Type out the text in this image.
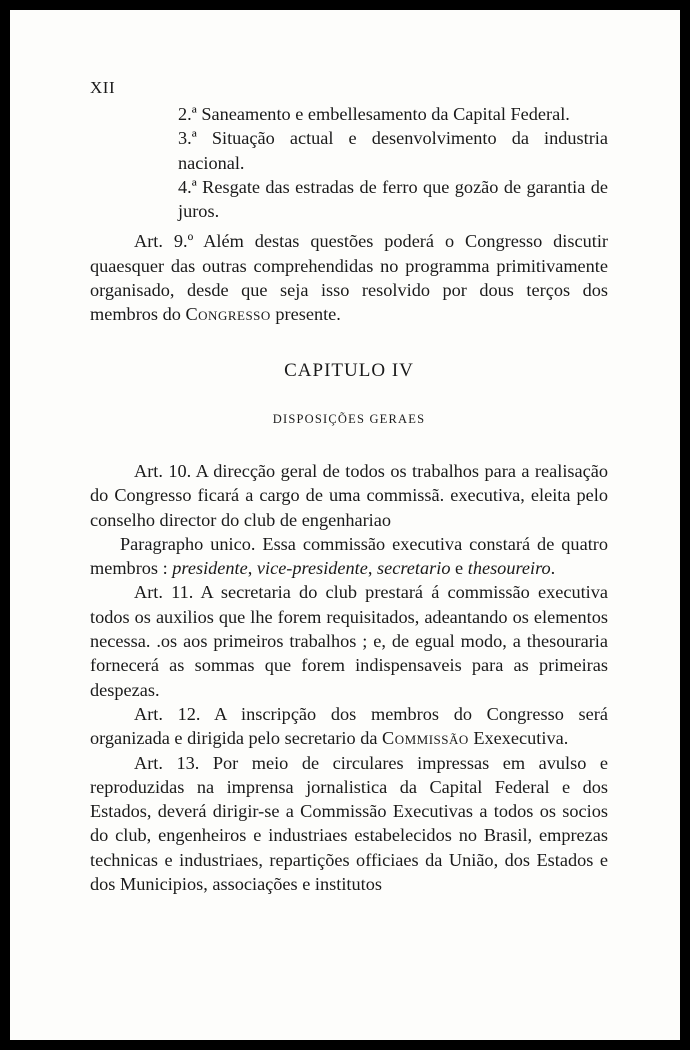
XII

2.ª Saneamento e embellesamento da Capital Federal.

3.ª Situação actual e desenvolvimento da industria nacional.

4.ª Resgate das estradas de ferro que gozão de garantia de juros.

Art. 9.º Além destas questões poderá o Congresso discutir quaesquer das outras comprehendidas no programma primitivamente organisado, desde que seja isso resolvido por dous terços dos membros do Congresso presente.

CAPITULO IV
DISPOSIÇÕES GERAES

Art. 10. A direcção geral de todos os trabalhos para a realisação do Congresso ficará a cargo de uma commissã. executiva, eleita pelo conselho director do club de engenhariao

Paragrapho unico. Essa commissão executiva constará de quatro membros : presidente, vice-presidente, secretario e thesoureiro.

Art. 11. A secretaria do club prestará á commissão executiva todos os auxilios que lhe forem requisitados, adeantando os elementos necessa. .os aos primeiros trabalhos ; e, de egual modo, a thesouraria fornecerá as sommas que forem indispensaveis para as primeiras despezas.

Art. 12. A inscripção dos membros do Congresso será organizada e dirigida pelo secretario da Commissão Exexecutiva.

Art. 13. Por meio de circulares impressas em avulso e reproduzidas na imprensa jornalistica da Capital Federal e dos Estados, deverá dirigir-se a Commissão Executivas a todos os socios do club, engenheiros e industriaes estabelecidos no Brasil, emprezas technicas e industriaes, repartições officiaes da União, dos Estados e dos Municipios, associações e institutos
